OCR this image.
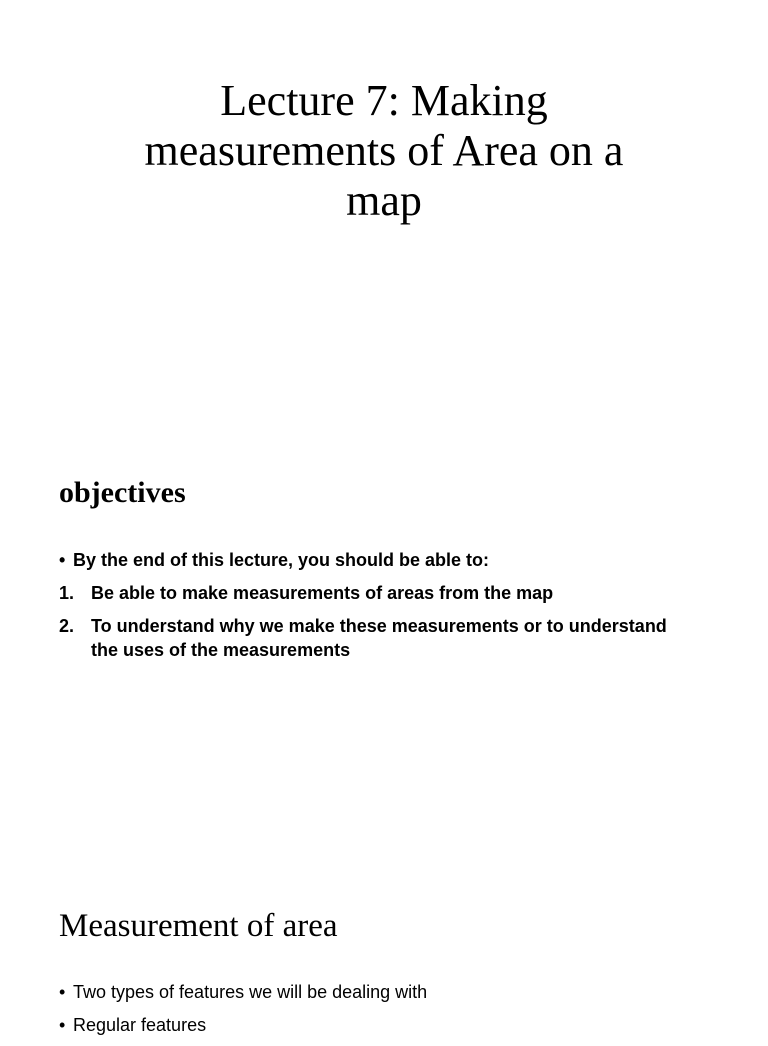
Lecture 7: Making
measurements of Area on a
map
objectives
• By the end of this lecture, you should be able to:
1. Be able to make measurements of areas from the map
2. To understand why we make these measurements or to understand the uses of the measurements
Measurement of area
• Two types of features we will be dealing with
• Regular features
